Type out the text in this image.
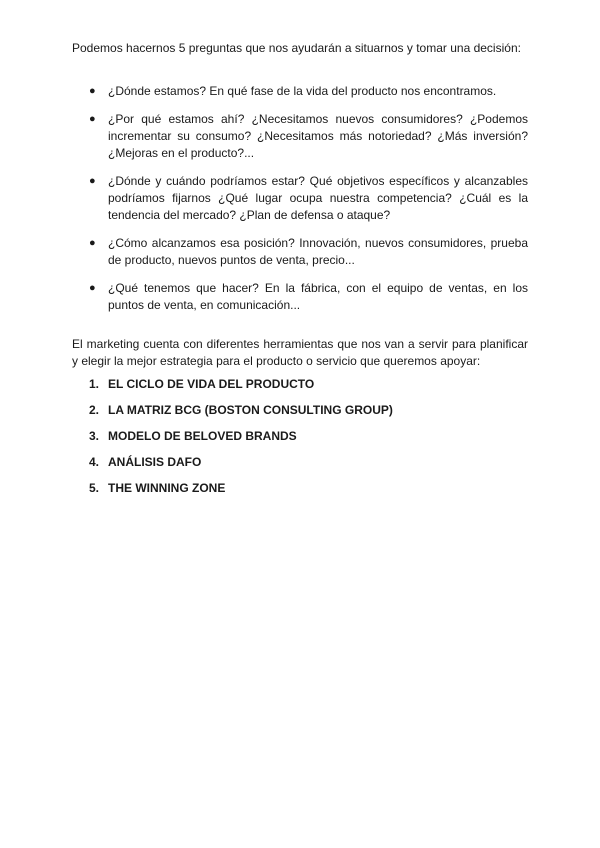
Podemos hacernos 5 preguntas que nos ayudarán a situarnos y tomar una decisión:

● ¿Dónde estamos? En qué fase de la vida del producto nos encontramos.
● ¿Por qué estamos ahí? ¿Necesitamos nuevos consumidores? ¿Podemos incrementar su consumo? ¿Necesitamos más notoriedad? ¿Más inversión? ¿Mejoras en el producto?...
● ¿Dónde y cuándo podríamos estar? Qué objetivos específicos y alcanzables podríamos fijarnos ¿Qué lugar ocupa nuestra competencia? ¿Cuál es la tendencia del mercado? ¿Plan de defensa o ataque?
● ¿Cómo alcanzamos esa posición? Innovación, nuevos consumidores, prueba de producto, nuevos puntos de venta, precio...
● ¿Qué tenemos que hacer? En la fábrica, con el equipo de ventas, en los puntos de venta, en comunicación...

El marketing cuenta con diferentes herramientas que nos van a servir para planificar y elegir la mejor estrategia para el producto o servicio que queremos apoyar:

1. EL CICLO DE VIDA DEL PRODUCTO
2. LA MATRIZ BCG (BOSTON CONSULTING GROUP)
3. MODELO DE BELOVED BRANDS
4. ANÁLISIS DAFO
5. THE WINNING ZONE
